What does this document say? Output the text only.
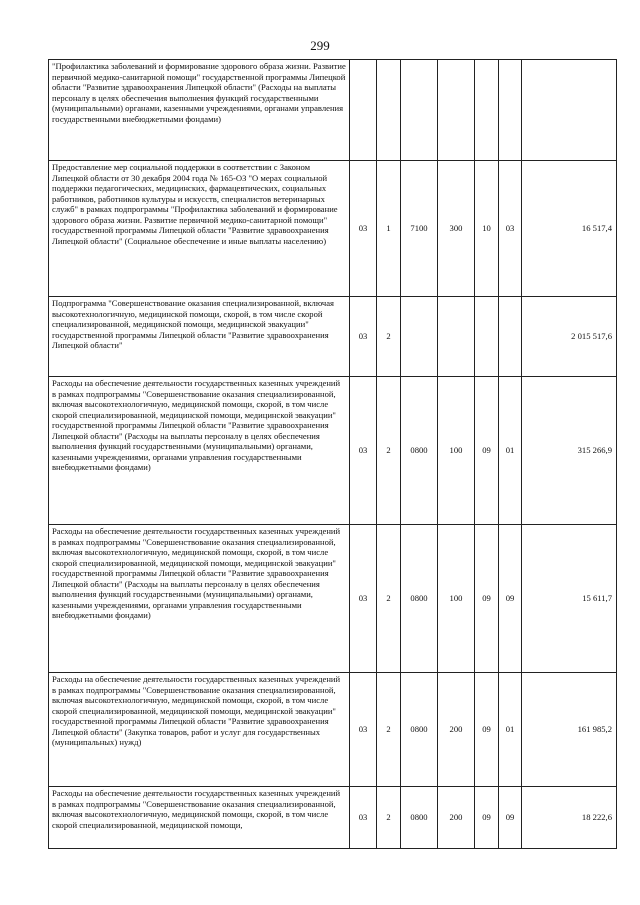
299
"Профилактика заболеваний и формирование здорового образа жизни. Развитие первичной медико-санитарной помощи" государственной программы Липецкой области "Развитие здравоохранения Липецкой области" (Расходы на выплаты персоналу в целях обеспечения выполнения функций государственными (муниципальными) органами, казенными учреждениями, органами управления государственными внебюджетными фондами)							
Предоставление мер социальной поддержки в соответствии с Законом Липецкой области от 30 декабря 2004 года № 165-ОЗ "О мерах социальной поддержки педагогических, медицинских, фармацевтических, социальных работников, работников культуры и искусств, специалистов ветеринарных служб" в рамках подпрограммы "Профилактика заболеваний и формирование здорового образа жизни. Развитие первичной медико-санитарной помощи" государственной программы Липецкой области "Развитие здравоохранения Липецкой области" (Социальное обеспечение и иные выплаты населению)	03	1	7100	300	10	03	16 517,4
Подпрограмма "Совершенствование оказания специализированной, включая высокотехнологичную, медицинской помощи, скорой, в том числе скорой специализированной, медицинской помощи, медицинской эвакуации" государственной программы Липецкой области "Развитие здравоохранения Липецкой области"	03	2					2 015 517,6
Расходы на обеспечение деятельности государственных казенных учреждений в рамках подпрограммы "Совершенствование оказания специализированной, включая высокотехнологичную, медицинской помощи, скорой, в том числе скорой специализированной, медицинской помощи, медицинской эвакуации" государственной программы Липецкой области "Развитие здравоохранения Липецкой области" (Расходы на выплаты персоналу в целях обеспечения выполнения функций государственными (муниципальными) органами, казенными учреждениями, органами управления государственными внебюджетными фондами)	03	2	0800	100	09	01	315 266,9
Расходы на обеспечение деятельности государственных казенных учреждений в рамках подпрограммы "Совершенствование оказания специализированной, включая высокотехнологичную, медицинской помощи, скорой, в том числе скорой специализированной, медицинской помощи, медицинской эвакуации" государственной программы Липецкой области "Развитие здравоохранения Липецкой области" (Расходы на выплаты персоналу в целях обеспечения выполнения функций государственными (муниципальными) органами, казенными учреждениями, органами управления государственными внебюджетными фондами)	03	2	0800	100	09	09	15 611,7
Расходы на обеспечение деятельности государственных казенных учреждений в рамках подпрограммы "Совершенствование оказания специализированной, включая высокотехнологичную, медицинской помощи, скорой, в том числе скорой специализированной, медицинской помощи, медицинской эвакуации" государственной программы Липецкой области "Развитие здравоохранения Липецкой области" (Закупка товаров, работ и услуг для государственных (муниципальных) нужд)	03	2	0800	200	09	01	161 985,2
Расходы на обеспечение деятельности государственных казенных учреждений в рамках подпрограммы "Совершенствование оказания специализированной, включая высокотехнологичную, медицинской помощи, скорой, в том числе скорой специализированной, медицинской помощи,	03	2	0800	200	09	09	18 222,6
